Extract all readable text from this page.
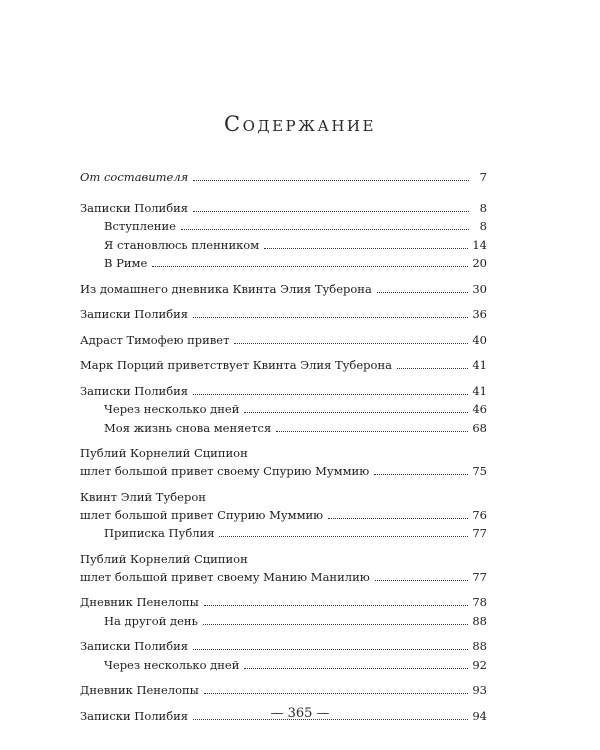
Содержание
От составителя	7
Записки Полибия	8
Вступление	8
Я становлюсь пленником	14
В Риме	20
Из домашнего дневника Квинта Элия Туберона	30
Записки Полибия	36
Адраст Тимофею привет	40
Марк Порций приветствует Квинта Элия Туберона	41
Записки Полибия	41
Через несколько дней	46
Моя жизнь снова меняется	68
Публий Корнелий Сципион
шлет большой привет своему Спурию Муммию	75
Квинт Элий Туберон
шлет большой привет Спурию Муммию	76
Приписка Публия	77
Публий Корнелий Сципион
шлет большой привет своему Манию Манилию	77
Дневник Пенелопы	78
На другой день	88
Записки Полибия	88
Через несколько дней	92
Дневник Пенелопы	93
Записки Полибия	94
— 365 —
